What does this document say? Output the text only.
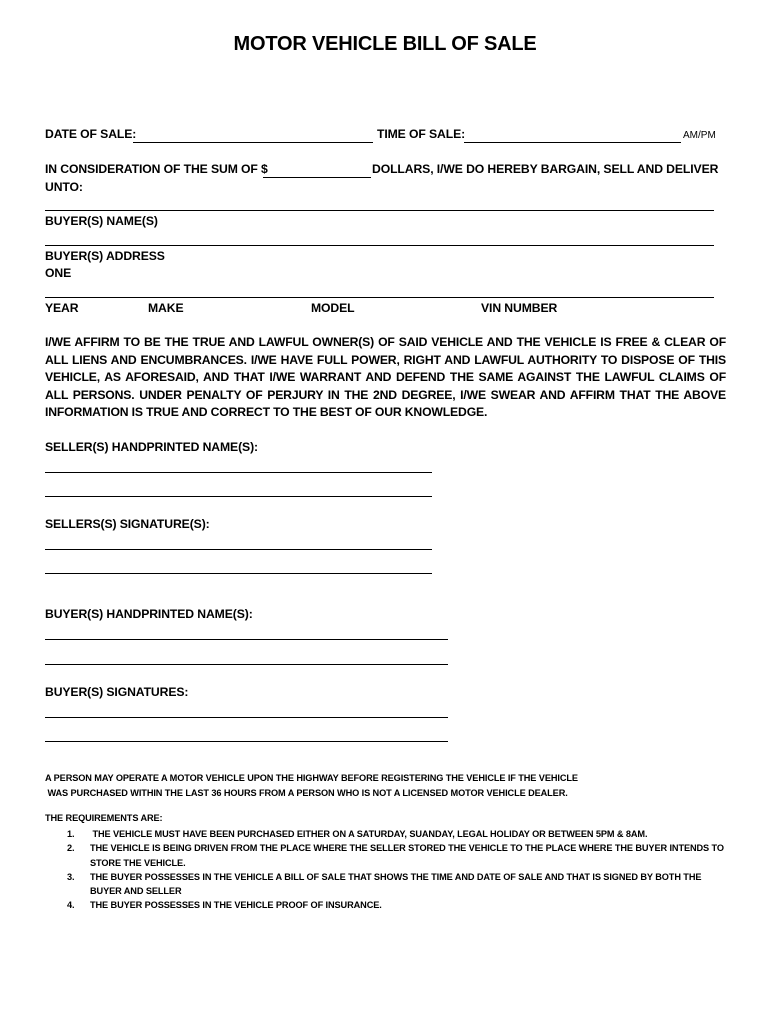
MOTOR VEHICLE BILL OF SALE
DATE OF SALE:	TIME OF SALE:	AM/PM
IN CONSIDERATION OF THE SUM OF $	DOLLARS, I/WE DO HEREBY BARGAIN, SELL AND DELIVER
UNTO:
BUYER(S) NAME(S)
BUYER(S) ADDRESS
ONE
YEAR	MAKE	MODEL	VIN NUMBER
I/WE AFFIRM TO BE THE TRUE AND LAWFUL OWNER(S) OF SAID VEHICLE AND THE VEHICLE IS FREE & CLEAR OF ALL LIENS AND ENCUMBRANCES. I/WE HAVE FULL POWER, RIGHT AND LAWFUL AUTHORITY TO DISPOSE OF THIS VEHICLE, AS AFORESAID, AND THAT I/WE WARRANT AND DEFEND THE SAME AGAINST THE LAWFUL CLAIMS OF ALL PERSONS. UNDER PENALTY OF PERJURY IN THE 2ND DEGREE, I/WE SWEAR AND AFFIRM THAT THE ABOVE INFORMATION IS TRUE AND CORRECT TO THE BEST OF OUR KNOWLEDGE.
SELLER(S) HANDPRINTED NAME(S):
SELLERS(S) SIGNATURE(S):
BUYER(S) HANDPRINTED NAME(S):
BUYER(S) SIGNATURES:
A PERSON MAY OPERATE A MOTOR VEHICLE UPON THE HIGHWAY BEFORE REGISTERING THE VEHICLE IF THE VEHICLE
WAS PURCHASED WITHIN THE LAST 36 HOURS FROM A PERSON WHO IS NOT A LICENSED MOTOR VEHICLE DEALER.
THE REQUIREMENTS ARE:
1. THE VEHICLE MUST HAVE BEEN PURCHASED EITHER ON A SATURDAY, SUANDAY, LEGAL HOLIDAY OR BETWEEN 5PM & 8AM.
2. THE VEHICLE IS BEING DRIVEN FROM THE PLACE WHERE THE SELLER STORED THE VEHICLE TO THE PLACE WHERE THE BUYER INTENDS TO STORE THE VEHICLE.
3. THE BUYER POSSESSES IN THE VEHICLE A BILL OF SALE THAT SHOWS THE TIME AND DATE OF SALE AND THAT IS SIGNED BY BOTH THE BUYER AND SELLER
4. THE BUYER POSSESSES IN THE VEHICLE PROOF OF INSURANCE.
